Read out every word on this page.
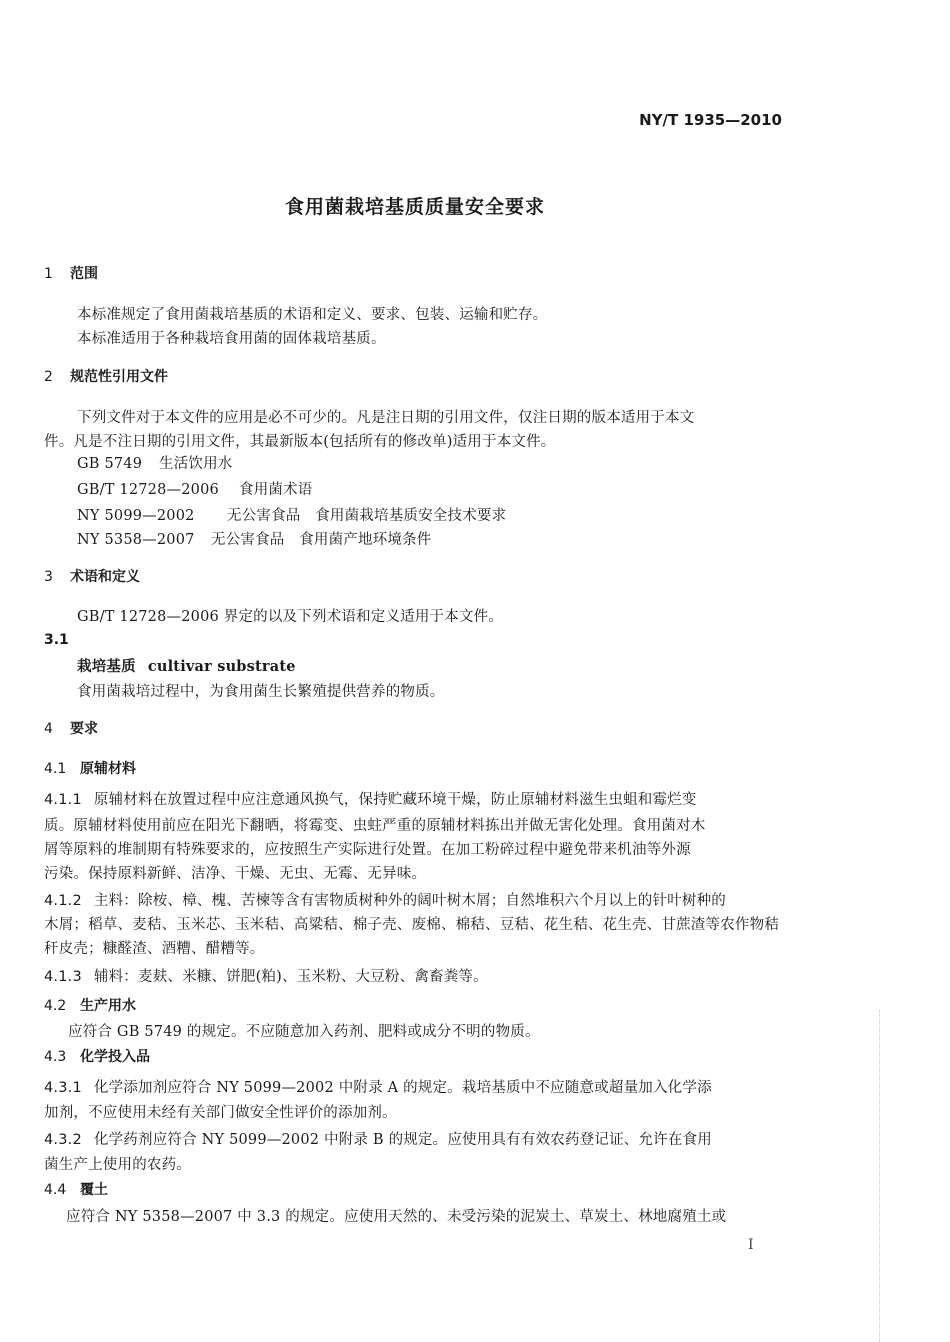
NY/T 1935—2010
食用菌栽培基质质量安全要求
1 范围
本标准规定了食用菌栽培基质的术语和定义、要求、包装、运输和贮存。
本标准适用于各种栽培食用菌的固体栽培基质。
2 规范性引用文件
下列文件对于本文件的应用是必不可少的。凡是注日期的引用文件，仅注日期的版本适用于本文
件。凡是不注日期的引用文件，其最新版本(包括所有的修改单)适用于本文件。
GB 5749 生活饮用水
GB/T 12728—2006 食用菌术语
NY 5099—2002 无公害食品　食用菌栽培基质安全技术要求
NY 5358—2007 无公害食品　食用菌产地环境条件
3 术语和定义
GB/T 12728—2006 界定的以及下列术语和定义适用于本文件。
3.1
栽培基质 cultivar substrate
食用菌栽培过程中，为食用菌生长繁殖提供营养的物质。
4 要求
4.1 原辅材料
4.1.1 原辅材料在放置过程中应注意通风换气，保持贮藏环境干燥，防止原辅材料滋生虫蛆和霉烂变
质。原辅材料使用前应在阳光下翻晒，将霉变、虫蛀严重的原辅材料拣出并做无害化处理。食用菌对木
屑等原料的堆制期有特殊要求的，应按照生产实际进行处置。在加工粉碎过程中避免带来机油等外源
污染。保持原料新鲜、洁净、干燥、无虫、无霉、无异味。
4.1.2 主料：除桉、樟、槐、苦楝等含有害物质树种外的阔叶树木屑；自然堆积六个月以上的针叶树种的
木屑；稻草、麦秸、玉米芯、玉米秸、高粱秸、棉子壳、废棉、棉秸、豆秸、花生秸、花生壳、甘蔗渣等农作物秸
秆皮壳；糠醛渣、酒糟、醋糟等。
4.1.3 辅料：麦麸、米糠、饼肥(粕)、玉米粉、大豆粉、禽畜粪等。
4.2 生产用水
应符合 GB 5749 的规定。不应随意加入药剂、肥料或成分不明的物质。
4.3 化学投入品
4.3.1 化学添加剂应符合 NY 5099—2002 中附录 A 的规定。栽培基质中不应随意或超量加入化学添
加剂，不应使用未经有关部门做安全性评价的添加剂。
4.3.2 化学药剂应符合 NY 5099—2002 中附录 B 的规定。应使用具有有效农药登记证、允许在食用
菌生产上使用的农药。
4.4 覆土
应符合 NY 5358—2007 中 3.3 的规定。应使用天然的、未受污染的泥炭土、草炭土、林地腐殖土或
I
